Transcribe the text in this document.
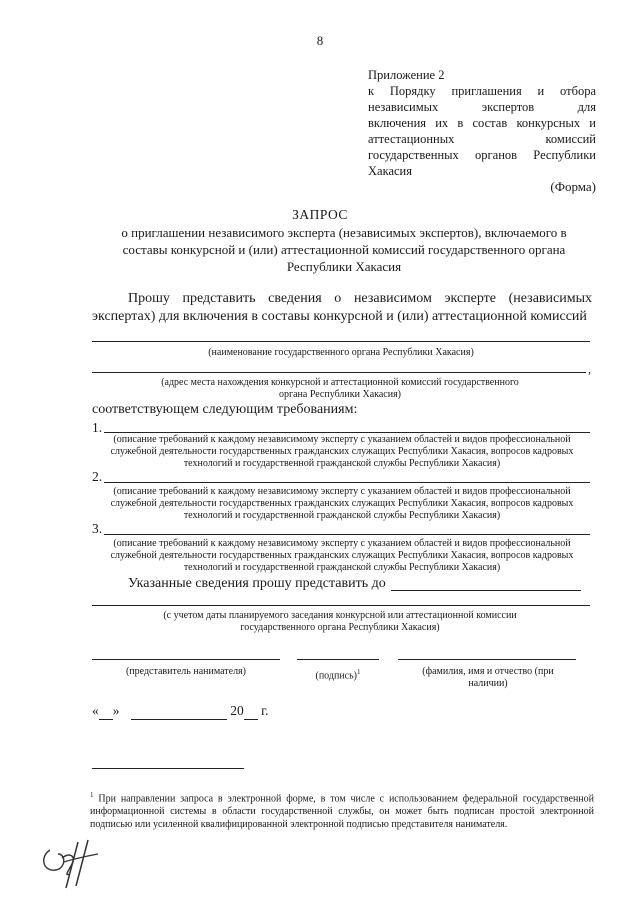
8
Приложение 2
к Порядку приглашения и отбора
независимых экспертов для
включения их в состав конкурсных и
аттестационных комиссий
государственных органов Республики
Хакасия
(Форма)
ЗАПРОС
о приглашении независимого эксперта (независимых экспертов), включаемого в составы конкурсной и (или) аттестационной комиссий государственного органа Республики Хакасия
Прошу представить сведения о независимом эксперте (независимых экспертах) для включения в составы конкурсной и (или) аттестационной комиссий
(наименование государственного органа Республики Хакасия)
,
(адрес места нахождения конкурсной и аттестационной комиссий государственного органа Республики Хакасия)
соответствующем следующим требованиям:
1.
(описание требований к каждому независимому эксперту с указанием областей и видов профессиональной служебной деятельности государственных гражданских служащих Республики Хакасия, вопросов кадровых технологий и государственной гражданской службы Республики Хакасия)
2.
(описание требований к каждому независимому эксперту с указанием областей и видов профессиональной служебной деятельности государственных гражданских служащих Республики Хакасия, вопросов кадровых технологий и государственной гражданской службы Республики Хакасия)
3.
(описание требований к каждому независимому эксперту с указанием областей и видов профессиональной служебной деятельности государственных гражданских служащих Республики Хакасия, вопросов кадровых технологий и государственной гражданской службы Республики Хакасия)
Указанные сведения прошу представить до
(с учетом даты планируемого заседания конкурсной или аттестационной комиссии государственного органа Республики Хакасия)
(представитель нанимателя)	(подпись)$^1$	(фамилия, имя и отчество (при наличии)
« »	20 г.
$^1$ При направлении запроса в электронной форме, в том числе с использованием федеральной государственной информационной системы в области государственной службы, он может быть подписан простой электронной подписью или усиленной квалифицированной электронной подписью представителя нанимателя.
